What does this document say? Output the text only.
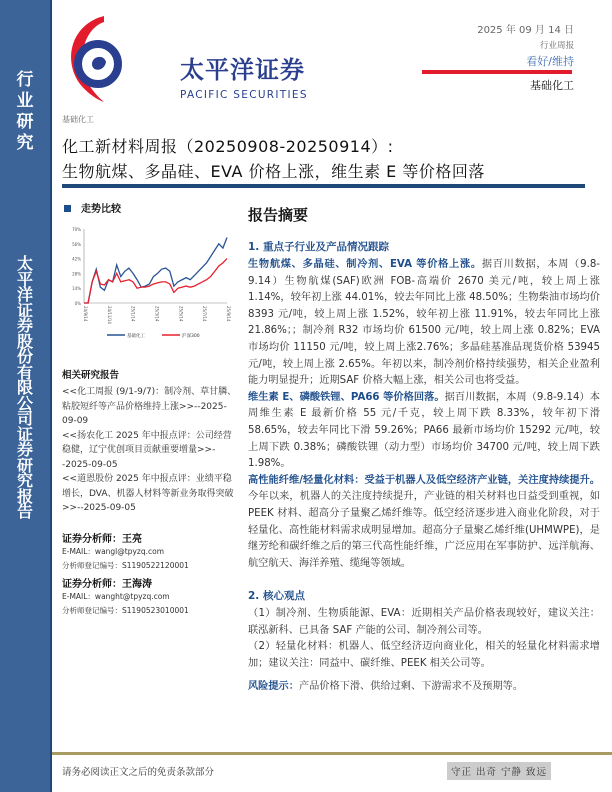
行业研究
太平洋证券股份有限公司证券研究报告
太平洋证券
PACIFIC SECURITIES
2025 年 09 月 14 日
行业周报
看好/维持
基础化工
基础化工
化工新材料周报（20250908-20250914）:
生物航煤、多晶硅、EVA 价格上涨，维生素 E 等价格回落
走势比较
0%
14%
28%
42%
56%
70%
24/9/14	24/11/14	25/1/14	25/3/14	25/5/14	25/7/14	25/9/14
基础化工	沪深300
相关研究报告
<<化工周报 (9/1-9/7)：制冷剂、草甘膦、粘胶短纤等产品价格维持上涨>>--2025-09-09
<<扬农化工 2025 年中报点评：公司经营稳健，辽宁优创项目贡献重要增量>>--2025-09-05
<<道恩股份 2025 年中报点评：业绩平稳增长，DVA、机器人材料等新业务取得突破>>--2025-09-05
证券分析师：王亮
E-MAIL：wangl@tpyzq.com
分析师登记编号：S1190522120001
证券分析师：王海涛
E-MAIL：wanght@tpyzq.com
分析师登记编号：S1190523010001
报告摘要
1. 重点子行业及产品情况跟踪

生物航煤、多晶硅、制冷剂、EVA 等价格上涨。据百川数据，本周（9.8-9.14）生物航煤(SAF)欧洲 FOB-高端价 2670 美元/吨，较上周上涨 1.14%，较年初上涨 44.01%，较去年同比上涨 48.50%；生物柴油市场均价 8393 元/吨，较上周上涨 1.52%，较年初上涨 11.91%，较去年同比上涨 21.86%；；制冷剂 R32 市场均价 61500 元/吨，较上周上涨 0.82%；EVA 市场均价 11150 元/吨，较上周上涨2.76%；多晶硅基准品现货价格 53945 元/吨，较上周上涨 2.65%。年初以来，制冷剂价格持续强势，相关企业盈利能力明显提升；近期SAF 价格大幅上涨，相关公司也将受益。

维生素 E、磷酸铁锂、PA66 等价格回落。据百川数据，本周（9.8-9.14）本周维生素 E 最新价格 55 元/千克，较上周下跌 8.33%，较年初下滑 58.65%，较去年同比下滑 59.26%；PA66 最新市场均价 15292 元/吨，较上周下跌 0.38%；磷酸铁锂（动力型）市场均价 34700 元/吨，较上周下跌 1.98%。

高性能纤维/轻量化材料：受益于机器人及低空经济产业链，关注度持续提升。今年以来，机器人的关注度持续提升，产业链的相关材料也日益受到重视，如PEEK 材料、超高分子量聚乙烯纤维等。低空经济逐步进入商业化阶段，对于轻量化、高性能材料需求成明显增加。超高分子量聚乙烯纤维(UHMWPE)，是继芳纶和碳纤维之后的第三代高性能纤维，广泛应用在军事防护、远洋航海、航空航天、海洋养殖、缆绳等领域。

2. 核心观点

（1）制冷剂、生物质能源、EVA：近期相关产品价格表现较好，建议关注：联泓新科、已具备 SAF 产能的公司、制冷剂公司等。

（2）轻量化材料：机器人、低空经济迈向商业化，相关的轻量化材料需求增加；建议关注：同益中、碳纤维、PEEK 相关公司等。

风险提示：产品价格下滑、供给过剩、下游需求不及预期等。

请务必阅读正文之后的免责条款部分	守正 出奇 宁静 致远
